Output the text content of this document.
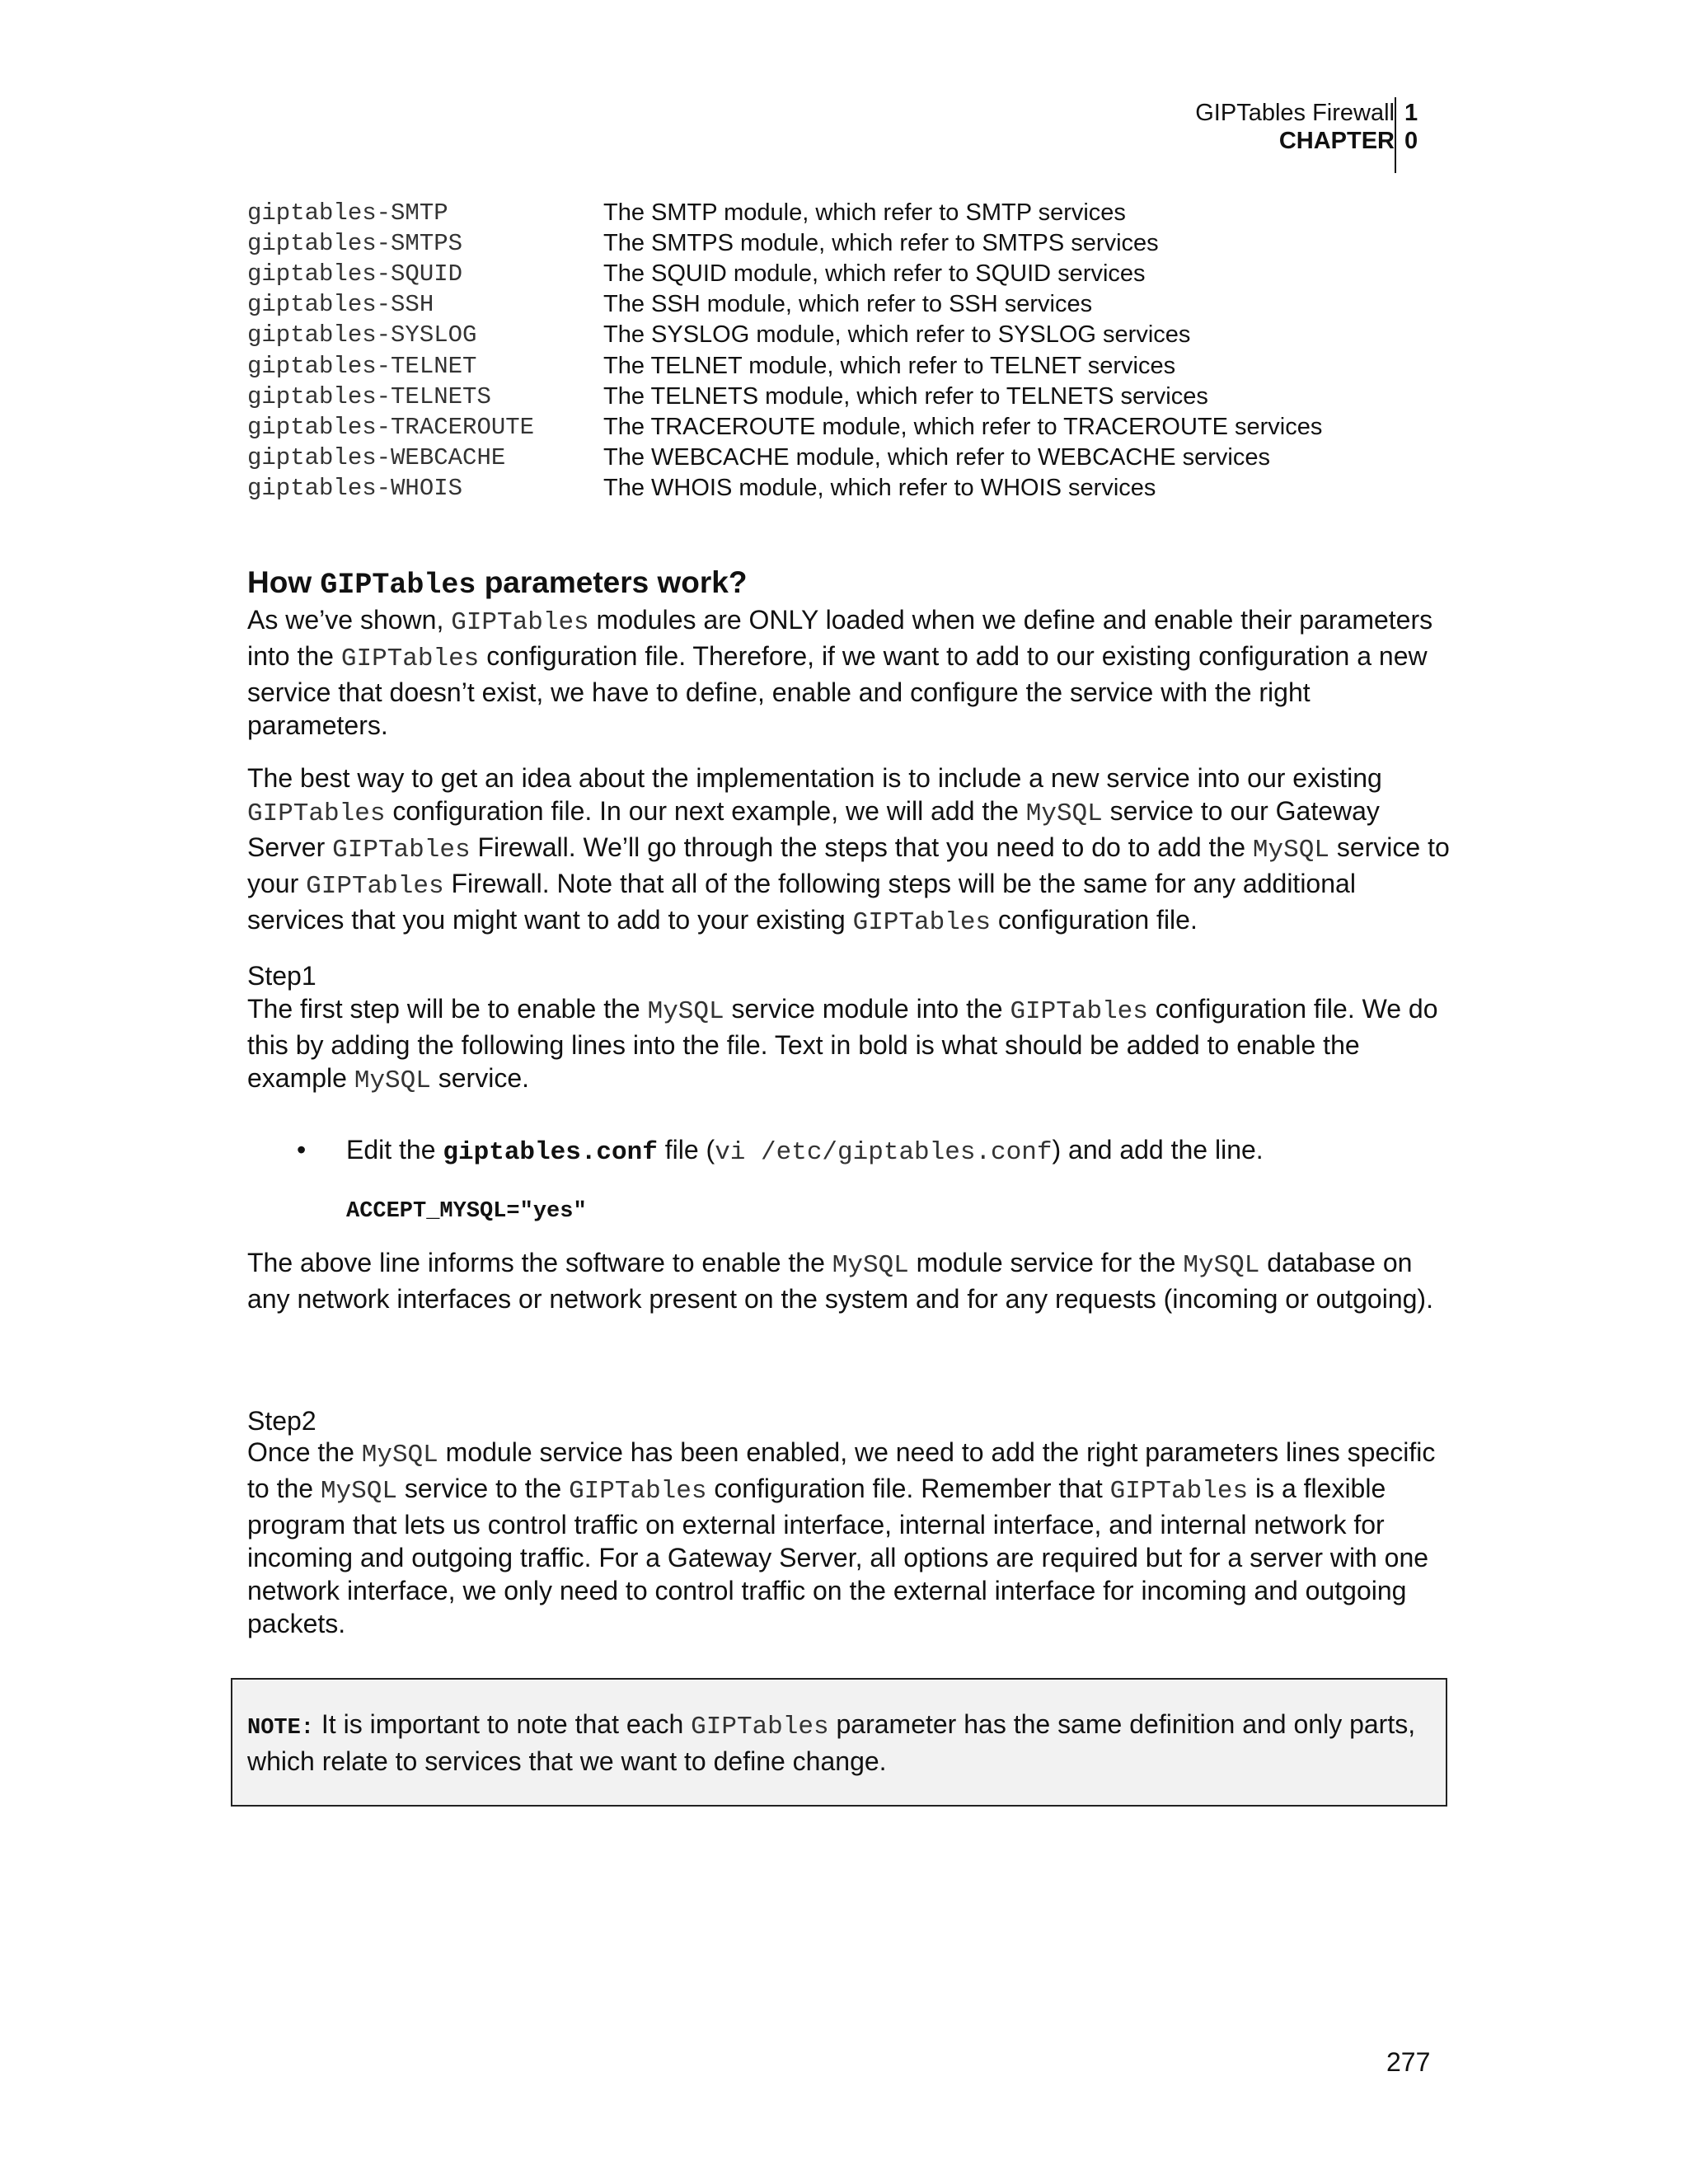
GIPTables Firewall
CHAPTER
1
0
giptables-SMTP	The SMTP module, which refer to SMTP services
giptables-SMTPS	The SMTPS module, which refer to SMTPS services
giptables-SQUID	The SQUID module, which refer to SQUID services
giptables-SSH	The SSH module, which refer to SSH services
giptables-SYSLOG	The SYSLOG module, which refer to SYSLOG services
giptables-TELNET	The TELNET module, which refer to TELNET services
giptables-TELNETS	The TELNETS module, which refer to TELNETS services
giptables-TRACEROUTE	The TRACEROUTE module, which refer to TRACEROUTE services
giptables-WEBCACHE	The WEBCACHE module, which refer to WEBCACHE services
giptables-WHOIS	The WHOIS module, which refer to WHOIS services
How GIPTables parameters work?

As we’ve shown, GIPTables modules are ONLY loaded when we define and enable their parameters into the GIPTables configuration file. Therefore, if we want to add to our existing configuration a new service that doesn’t exist, we have to define, enable and configure the service with the right parameters.

The best way to get an idea about the implementation is to include a new service into our existing GIPTables configuration file. In our next example, we will add the MySQL service to our Gateway Server GIPTables Firewall. We’ll go through the steps that you need to do to add the MySQL service to your GIPTables Firewall. Note that all of the following steps will be the same for any additional services that you might want to add to your existing GIPTables configuration file.

Step1

The first step will be to enable the MySQL service module into the GIPTables configuration file. We do this by adding the following lines into the file. Text in bold is what should be added to enable the example MySQL service.

• Edit the giptables.conf file (vi /etc/giptables.conf) and add the line.
ACCEPT_MYSQL="yes"

The above line informs the software to enable the MySQL module service for the MySQL database on any network interfaces or network present on the system and for any requests (incoming or outgoing).

Step2

Once the MySQL module service has been enabled, we need to add the right parameters lines specific to the MySQL service to the GIPTables configuration file. Remember that GIPTables is a flexible program that lets us control traffic on external interface, internal interface, and internal network for incoming and outgoing traffic. For a Gateway Server, all options are required but for a server with one network interface, we only need to control traffic on the external interface for incoming and outgoing packets.

NOTE: It is important to note that each GIPTables parameter has the same definition and only parts, which relate to services that we want to define change.

277
